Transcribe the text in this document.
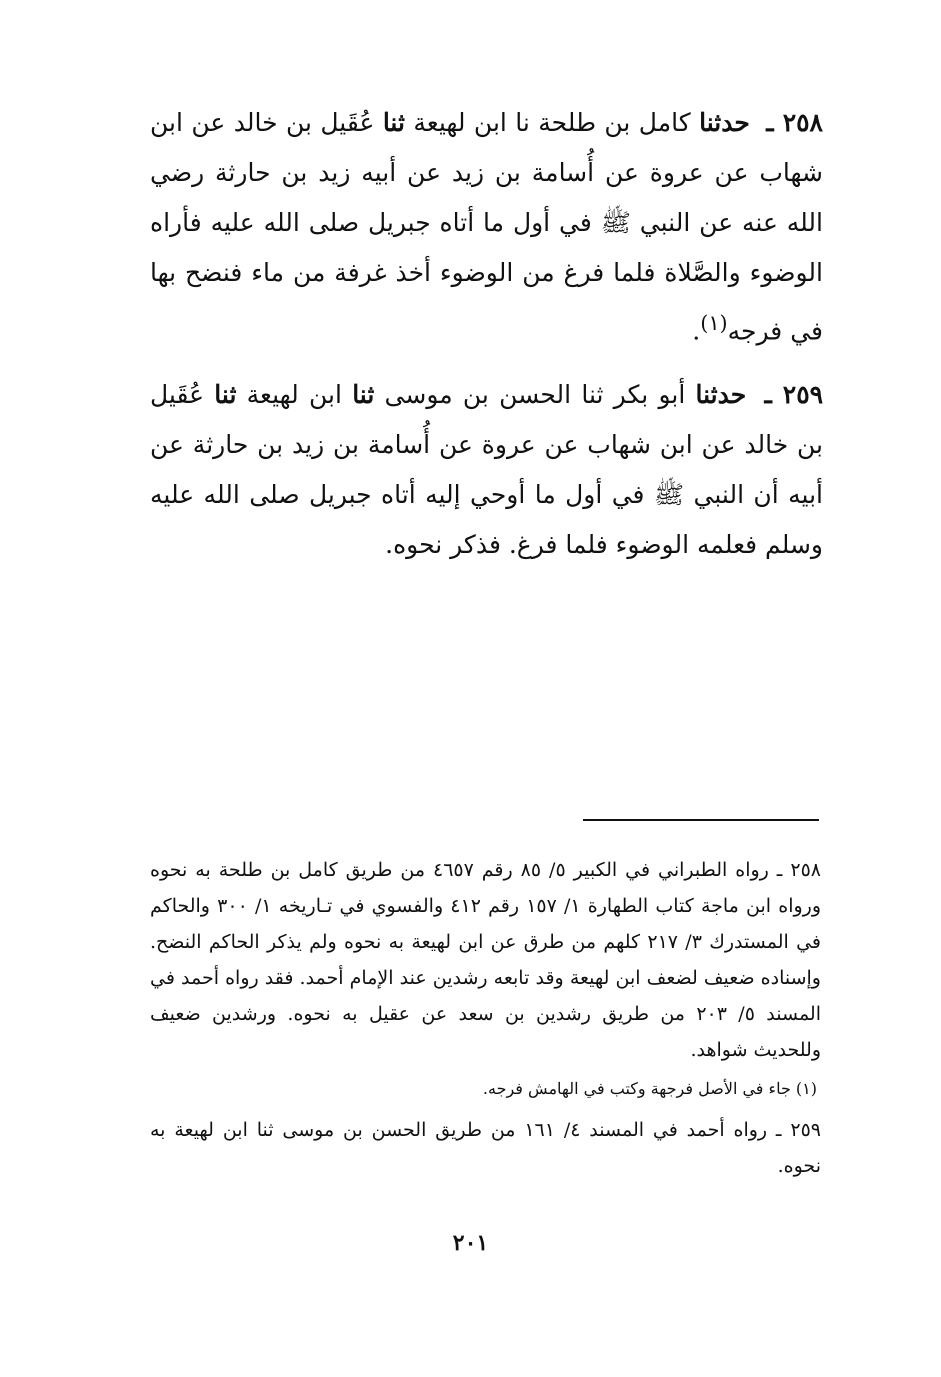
٢٥٨ ـ حدثنا كامل بن طلحة نا ابن لهيعة ثنا عُقَيل بن خالد عن ابن شهاب عن عروة عن أُسامة بن زيد عن أبيه زيد بن حارثة رضي الله عنه عن النبي ﷺ في أول ما أتاه جبريل صلى الله عليه فأراه الوضوء والصَّلاة فلما فرغ من الوضوء أخذ غرفة من ماء فنضح بها في فرجه$^{(١)}$.

٢٥٩ ـ حدثنا أبو بكر ثنا الحسن بن موسى ثنا ابن لهيعة ثنا عُقَيل بن خالد عن ابن شهاب عن عروة عن أُسامة بن زيد بن حارثة عن أبيه أن النبي ﷺ في أول ما أوحي إليه أتاه جبريل صلى الله عليه وسلم فعلمه الوضوء فلما فرغ. فذكر نحوه.

٢٥٨ ـ رواه الطبراني في الكبير ٥/ ٨٥ رقم ٤٦٥٧ من طريق كامل بن طلحة به نحوه ورواه ابن ماجة كتاب الطهارة ١/ ١٥٧ رقم ٤١٢ والفسوي في تـاريخه ١/ ٣٠٠ والحاكم في المستدرك ٣/ ٢١٧ كلهم من طرق عن ابن لهيعة به نحوه ولم يذكر الحاكم النضح. وإسناده ضعيف لضعف ابن لهيعة وقد تابعه رشدين عند الإمام أحمد. فقد رواه أحمد في المسند ٥/ ٢٠٣ من طريق رشدين بن سعد عن عقيل به نحوه. ورشدين ضعيف وللحديث شواهد.

(١) جاء في الأصل فرجهة وكتب في الهامش فرجه.

٢٥٩ ـ رواه أحمد في المسند ٤/ ١٦١ من طريق الحسن بن موسى ثنا ابن لهيعة به نحوه.

٢٠١
